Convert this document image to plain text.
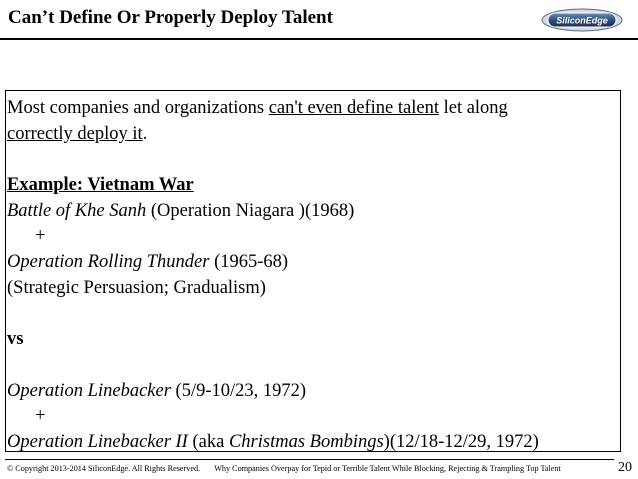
Can’t Define Or Properly Deploy Talent	SiliconEdge
Most companies and organizations can't even define talent let along
correctly deploy it.
Example: Vietnam War
Battle of Khe Sanh (Operation Niagara )(1968)
+
Operation Rolling Thunder (1965-68)
(Strategic Persuasion; Gradualism)
vs
Operation Linebacker (5/9-10/23, 1972)
+
Operation Linebacker II (aka Christmas Bombings)(12/18-12/29, 1972)
© Copyright 2013-2014 SiliconEdge. All Rights Reserved. Why Companies Overpay for Tepid or Terrible Talent While Blocking, Rejecting & Trampling Top Talent	20
